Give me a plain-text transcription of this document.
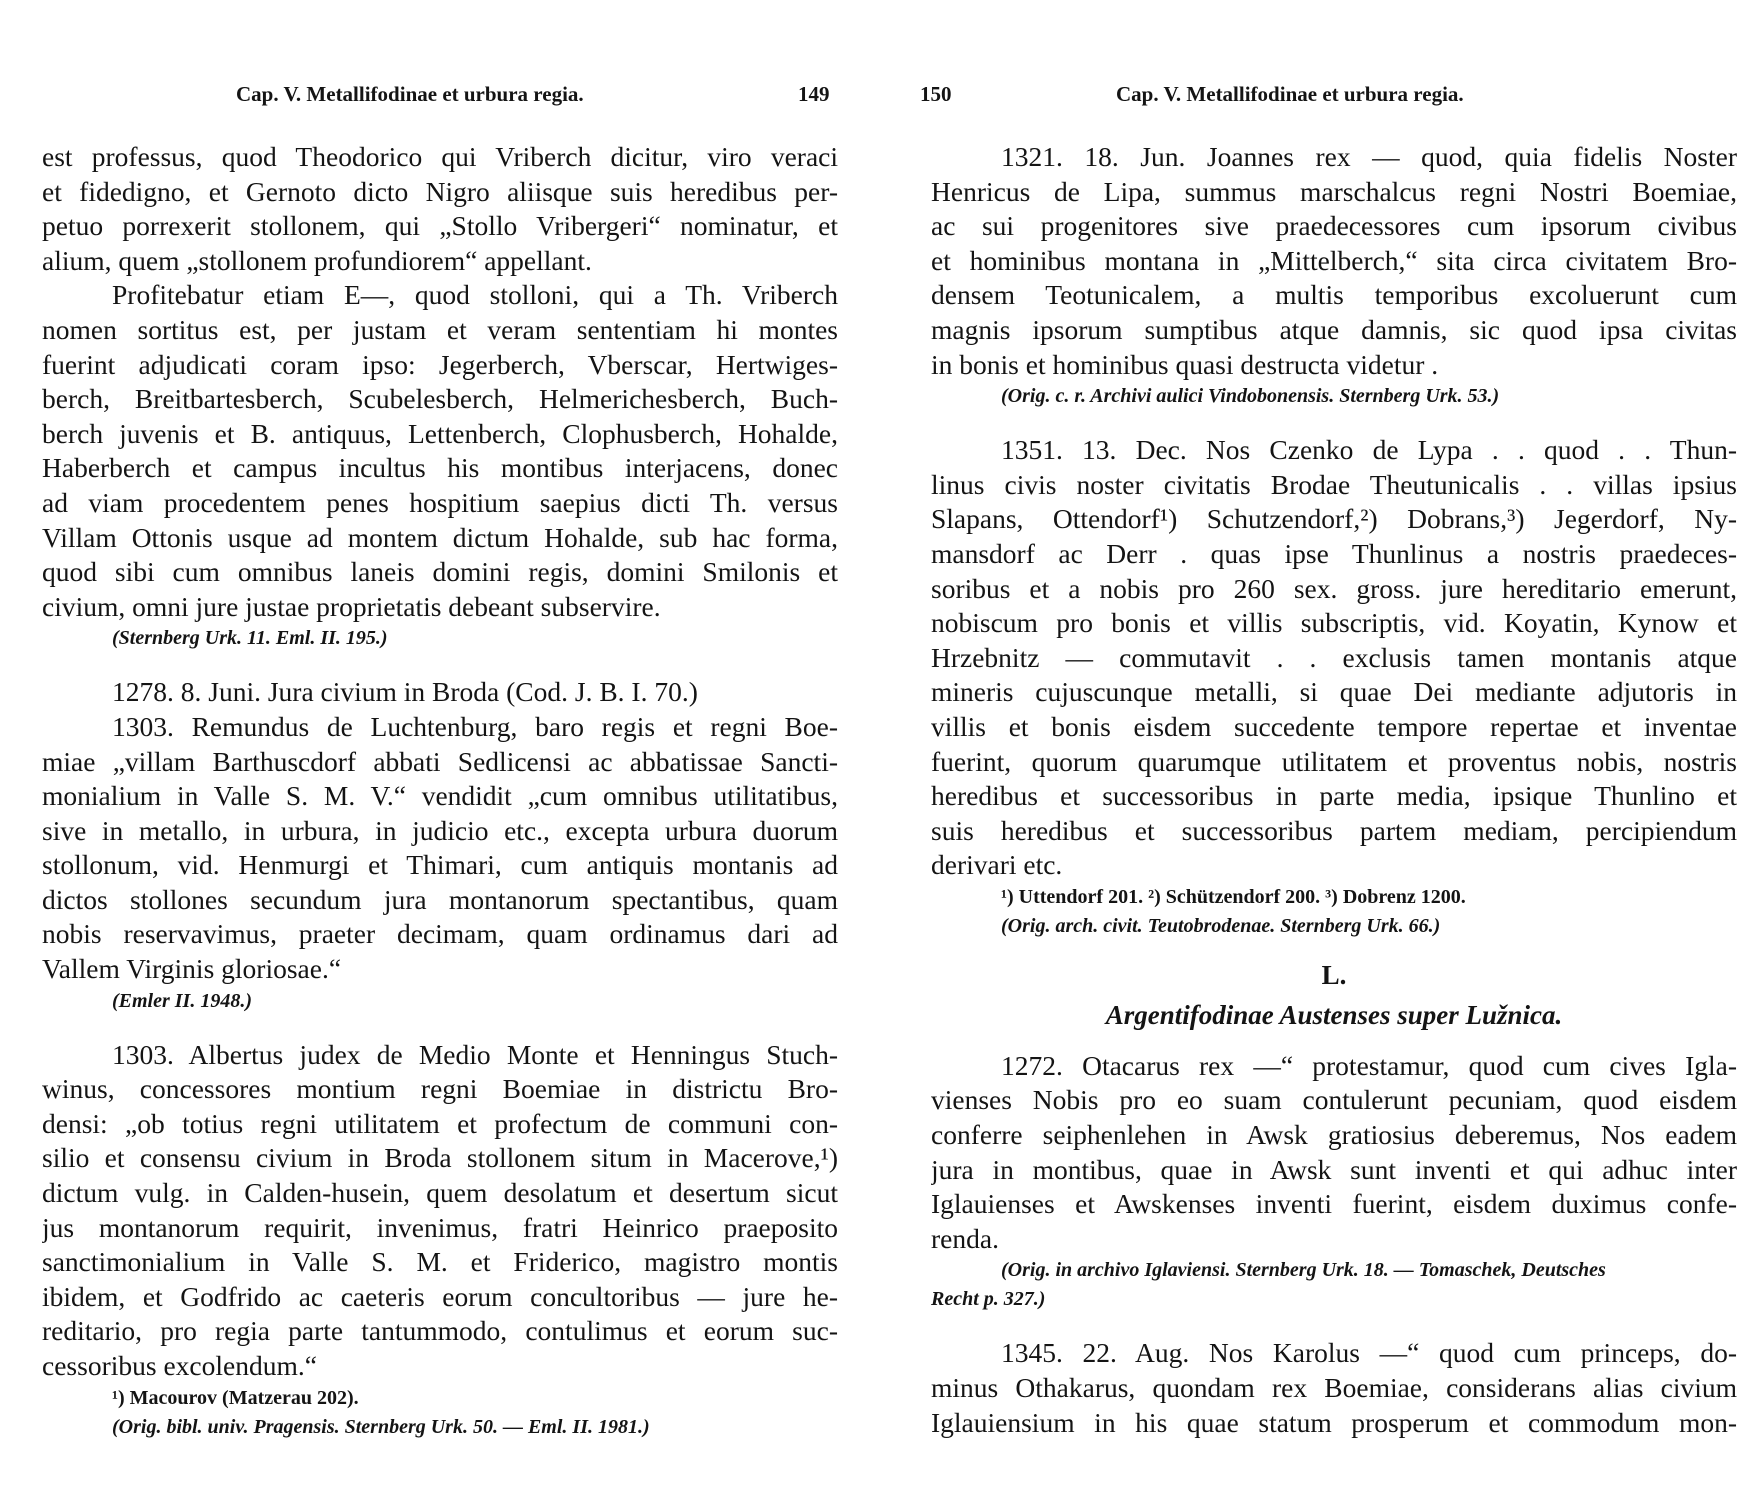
Cap. V. Metallifodinae et urbura regia.	149
est professus, quod Theodorico qui Vriberch dicitur, viro veraci
et fidedigno, et Gernoto dicto Nigro aliisque suis heredibus per-
petuo porrexerit stollonem, qui „Stollo Vribergeri“ nominatur, et
alium, quem „stollonem profundiorem“ appellant.
Profitebatur etiam E—, quod stolloni, qui a Th. Vriberch
nomen sortitus est, per justam et veram sententiam hi montes
fuerint adjudicati coram ipso: Jegerberch, Vberscar, Hertwiges-
berch, Breitbartesberch, Scubelesberch, Helmerichesberch, Buch-
berch juvenis et B. antiquus, Lettenberch, Clophusberch, Hohalde,
Haberberch et campus incultus his montibus interjacens, donec
ad viam procedentem penes hospitium saepius dicti Th. versus
Villam Ottonis usque ad montem dictum Hohalde, sub hac forma,
quod sibi cum omnibus laneis domini regis, domini Smilonis et
civium, omni jure justae proprietatis debeant subservire.
(Sternberg Urk. 11. Eml. II. 195.)
1278. 8. Juni. Jura civium in Broda (Cod. J. B. I. 70.)
1303. Remundus de Luchtenburg, baro regis et regni Boe-
miae „villam Barthuscdorf abbati Sedlicensi ac abbatissae Sancti-
monialium in Valle S. M. V.“ vendidit „cum omnibus utilitatibus,
sive in metallo, in urbura, in judicio etc., excepta urbura duorum
stollonum, vid. Henmurgi et Thimari, cum antiquis montanis ad
dictos stollones secundum jura montanorum spectantibus, quam
nobis reservavimus, praeter decimam, quam ordinamus dari ad
Vallem Virginis gloriosae.“
(Emler II. 1948.)
1303. Albertus judex de Medio Monte et Henningus Stuch-
winus, concessores montium regni Boemiae in districtu Bro-
densi: „ob totius regni utilitatem et profectum de communi con-
silio et consensu civium in Broda stollonem situm in Macerove,¹)
dictum vulg. in Calden-husein, quem desolatum et desertum sicut
jus montanorum requirit, invenimus, fratri Heinrico praeposito
sanctimonialium in Valle S. M. et Friderico, magistro montis
ibidem, et Godfrido ac caeteris eorum concultoribus — jure he-
reditario, pro regia parte tantummodo, contulimus et eorum suc-
cessoribus excolendum.“
¹) Macourov (Matzerau 202).
(Orig. bibl. univ. Pragensis. Sternberg Urk. 50. — Eml. II. 1981.)
150	Cap. V. Metallifodinae et urbura regia.
1321. 18. Jun. Joannes rex — quod, quia fidelis Noster
Henricus de Lipa, summus marschalcus regni Nostri Boemiae,
ac sui progenitores sive praedecessores cum ipsorum civibus
et hominibus montana in „Mittelberch,“ sita circa civitatem Bro-
densem Teotunicalem, a multis temporibus excoluerunt cum
magnis ipsorum sumptibus atque damnis, sic quod ipsa civitas
in bonis et hominibus quasi destructa videtur .
(Orig. c. r. Archivi aulici Vindobonensis. Sternberg Urk. 53.)
1351. 13. Dec. Nos Czenko de Lypa . . quod . . Thun-
linus civis noster civitatis Brodae Theutunicalis . . villas ipsius
Slapans, Ottendorf¹) Schutzendorf,²) Dobrans,³) Jegerdorf, Ny-
mansdorf ac Derr . quas ipse Thunlinus a nostris praedeces-
soribus et a nobis pro 260 sex. gross. jure hereditario emerunt,
nobiscum pro bonis et villis subscriptis, vid. Koyatin, Kynow et
Hrzebnitz — commutavit . . exclusis tamen montanis atque
mineris cujuscunque metalli, si quae Dei mediante adjutoris in
villis et bonis eisdem succedente tempore repertae et inventae
fuerint, quorum quarumque utilitatem et proventus nobis, nostris
heredibus et successoribus in parte media, ipsique Thunlino et
suis heredibus et successoribus partem mediam, percipiendum
derivari etc.
¹) Uttendorf 201. ²) Schützendorf 200. ³) Dobrenz 1200.
(Orig. arch. civit. Teutobrodenae. Sternberg Urk. 66.)
L.
Argentifodinae Austenses super Lužnica.
1272. Otacarus rex —“ protestamur, quod cum cives Igla-
vienses Nobis pro eo suam contulerunt pecuniam, quod eisdem
conferre seiphenlehen in Awsk gratiosius deberemus, Nos eadem
jura in montibus, quae in Awsk sunt inventi et qui adhuc inter
Iglauienses et Awskenses inventi fuerint, eisdem duximus confe-
renda.
(Orig. in archivo Iglaviensi. Sternberg Urk. 18. — Tomaschek, Deutsches
Recht p. 327.)
1345. 22. Aug. Nos Karolus —“ quod cum princeps, do-
minus Othakarus, quondam rex Boemiae, considerans alias civium
Iglauiensium in his quae statum prosperum et commodum mon-
